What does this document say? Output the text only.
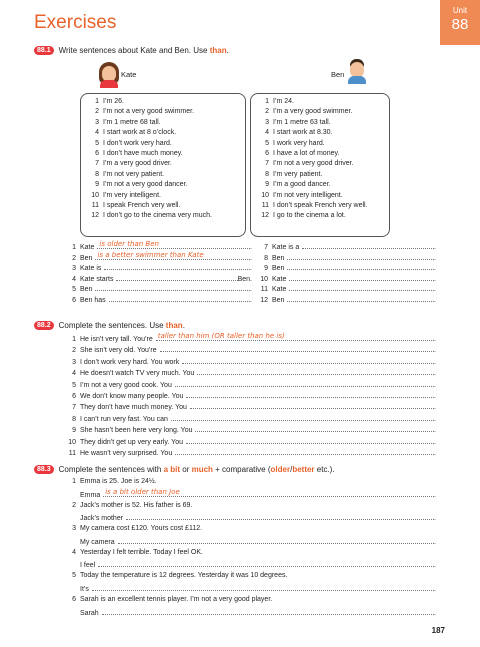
Exercises
Unit
88
88.1	Write sentences about Kate and Ben. Use than.
Kate	Ben
1 I’m 26.
2 I’m not a very good swimmer.
3 I’m 1 metre 68 tall.
4 I start work at 8 o’clock.
5 I don’t work very hard.
6 I don’t have much money.
7 I’m a very good driver.
8 I’m not very patient.
9 I’m not a very good dancer.
10 I’m very intelligent.
11 I speak French very well.
12 I don’t go to the cinema very much.
1 I’m 24.
2 I’m a very good swimmer.
3 I’m 1 metre 63 tall.
4 I start work at 8.30.
5 I work very hard.
6 I have a lot of money.
7 I’m not a very good driver.
8 I’m very patient.
9 I’m a good dancer.
10 I’m not very intelligent.
11 I don’t speak French very well.
12 I go to the cinema a lot.
1 Kate is older than Ben	.
2 Ben is a better swimmer than Kate	.
3 Kate is	.
4 Kate starts	Ben.
5 Ben	.
6 Ben has	.
7 Kate is a	.
8 Ben	.
9 Ben	.
10 Kate	.
11 Kate	.
12 Ben	.
88.2	Complete the sentences. Use than.
1 He isn’t very tall. You’re taller than him (OR taller than he is)	.
2 She isn’t very old. You’re	.
3 I don’t work very hard. You work	.
4 He doesn’t watch TV very much. You	.
5 I’m not a very good cook. You	.
6 We don’t know many people. You	.
7 They don’t have much money. You	.
8 I can’t run very fast. You can	.
9 She hasn’t been here very long. You	.
10 They didn’t get up very early. You	.
11 He wasn’t very surprised. You	.
88.3	Complete the sentences with a bit or much + comparative (older/better etc.).
1 Emma is 25. Joe is 24½.
Emma is a bit older than Joe	.
2 Jack’s mother is 52. His father is 69.
Jack’s mother	.
3 My camera cost £120. Yours cost £112.
My camera	.
4 Yesterday I felt terrible. Today I feel OK.
I feel	.
5 Today the temperature is 12 degrees. Yesterday it was 10 degrees.
It’s	.
6 Sarah is an excellent tennis player. I’m not a very good player.
Sarah	.
187
